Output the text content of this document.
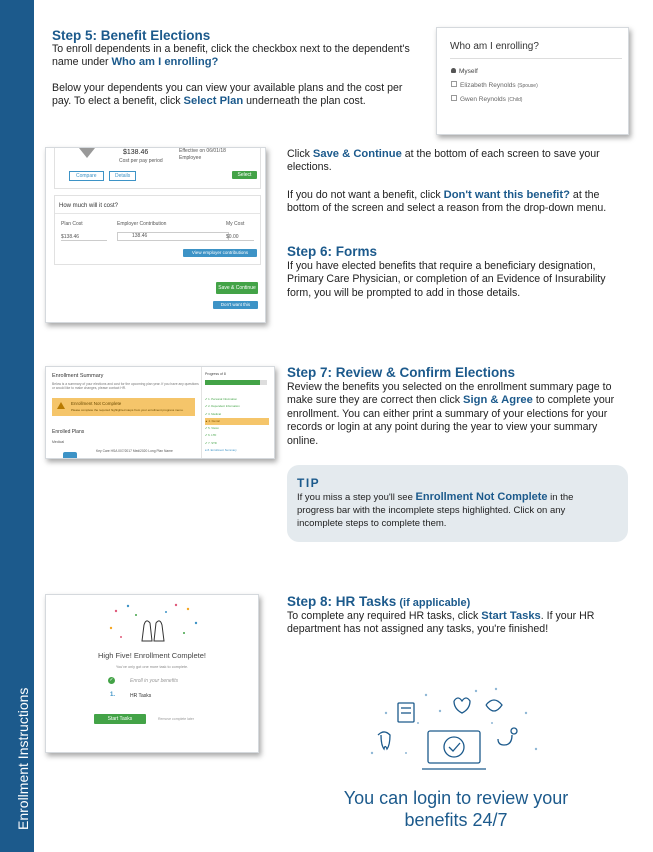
Enrollment Instructions
Step 5: Benefit Elections

To enroll dependents in a benefit, click the checkbox next to the dependent's name under Who am I enrolling?

Below your dependents you can view your available plans and the cost per pay. To elect a benefit, click Select Plan underneath the plan cost.

Who am I enrolling?
Myself
Elizabeth Reynolds (Spouse)
Gwen Reynolds (Child)
$138.46
Cost per pay period
Effective on 06/01/18
Employee
Compare	Details	Select
How much will it cost?
Plan Cost	Employer Contribution	My Cost
$138.46	138.46	$0.00
View employer contributions summary
Save & Continue
Don't want this benefit?

Click Save & Continue at the bottom of each screen to save your elections.

If you do not want a benefit, click Don't want this benefit? at the bottom of the screen and select a reason from the drop-down menu.

Step 6: Forms

If you have elected benefits that require a beneficiary designation, Primary Care Physician, or completion of an Evidence of Insurability form, you will be prompted to add in those details.

Enrollment Summary
Below is a summary of your elections and cost for the upcoming plan year. If you have any questions or would like to make changes, please contact HR.
Enrollment Not Complete
Please complete the required highlighted steps from your enrollment progress menu.
Enrolled Plans
Medical
Key Care HSA 007/2017 Medi2020 Long Plan Name
Progress of 8
✔ 1. Personal Information
✔ 2. Dependent Information
✔ 3. Medical
▲ 4. Dental
✔ 5. Vision
✔ 6. LTD
✔ 7. STD
● 8. Enrollment Summary
Step 7: Review & Confirm Elections

Review the benefits you selected on the enrollment summary page to make sure they are correct then click Sign & Agree to complete your enrollment. You can either print a summary of your elections for your records or login at any point during the year to view your summary online.

TIP

If you miss a step you'll see Enrollment Not Complete in the progress bar with the incomplete steps highlighted. Click on any incomplete steps to complete them.

High Five! Enrollment Complete!
You've only got one more task to complete.
✓	Enroll in your benefits
1.	HR Tasks
Start Tasks	Remove complete later
Step 8: HR Tasks (if applicable)

To complete any required HR tasks, click Start Tasks. If your HR department has not assigned any tasks, you're finished!

You can login to review your
benefits 24/7
